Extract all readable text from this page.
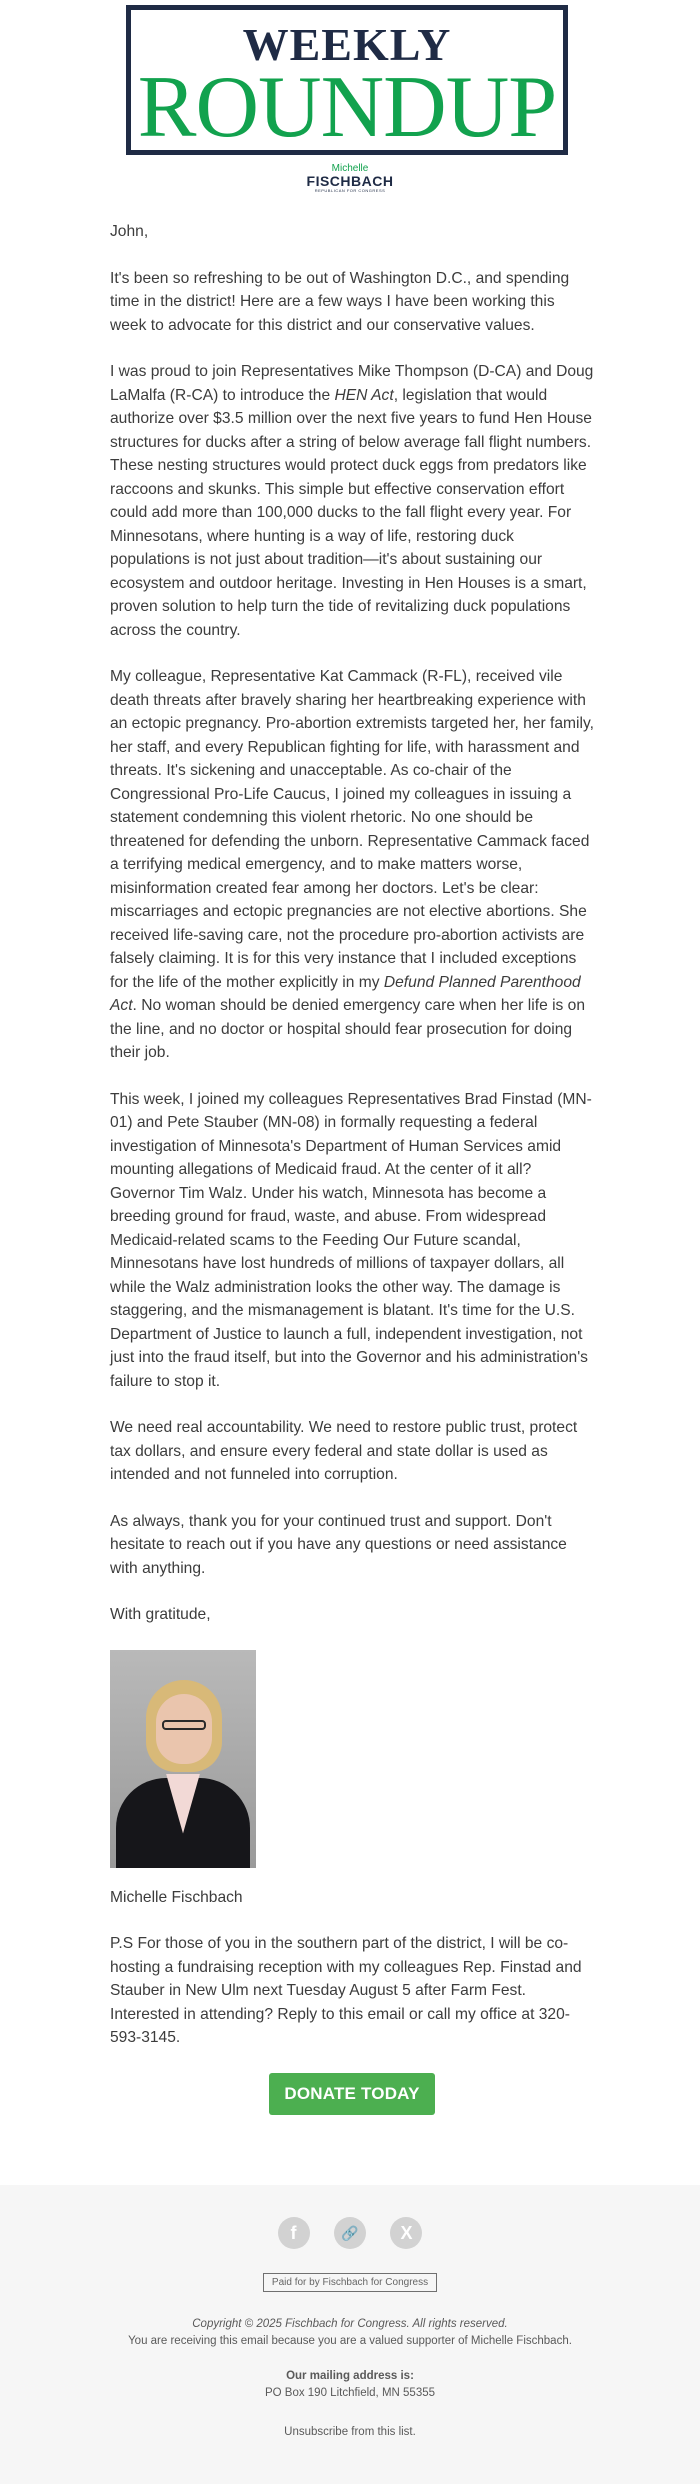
WEEKLY
ROUNDUP
Michelle
FISCHBACH
REPUBLICAN FOR CONGRESS

John,

It's been so refreshing to be out of Washington D.C., and spending time in the district! Here are a few ways I have been working this week to advocate for this district and our conservative values.

I was proud to join Representatives Mike Thompson (D-CA) and Doug LaMalfa (R-CA) to introduce the HEN Act, legislation that would authorize over $3.5 million over the next five years to fund Hen House structures for ducks after a string of below average fall flight numbers. These nesting structures would protect duck eggs from predators like raccoons and skunks. This simple but effective conservation effort could add more than 100,000 ducks to the fall flight every year. For Minnesotans, where hunting is a way of life, restoring duck populations is not just about tradition—it's about sustaining our ecosystem and outdoor heritage. Investing in Hen Houses is a smart, proven solution to help turn the tide of revitalizing duck populations across the country.

My colleague, Representative Kat Cammack (R-FL), received vile death threats after bravely sharing her heartbreaking experience with an ectopic pregnancy. Pro-abortion extremists targeted her, her family, her staff, and every Republican fighting for life, with harassment and threats. It's sickening and unacceptable. As co-chair of the Congressional Pro-Life Caucus, I joined my colleagues in issuing a statement condemning this violent rhetoric. No one should be threatened for defending the unborn. Representative Cammack faced a terrifying medical emergency, and to make matters worse, misinformation created fear among her doctors. Let's be clear: miscarriages and ectopic pregnancies are not elective abortions. She received life-saving care, not the procedure pro-abortion activists are falsely claiming. It is for this very instance that I included exceptions for the life of the mother explicitly in my Defund Planned Parenthood Act. No woman should be denied emergency care when her life is on the line, and no doctor or hospital should fear prosecution for doing their job.

This week, I joined my colleagues Representatives Brad Finstad (MN-01) and Pete Stauber (MN-08) in formally requesting a federal investigation of Minnesota's Department of Human Services amid mounting allegations of Medicaid fraud. At the center of it all? Governor Tim Walz. Under his watch, Minnesota has become a breeding ground for fraud, waste, and abuse. From widespread Medicaid-related scams to the Feeding Our Future scandal, Minnesotans have lost hundreds of millions of taxpayer dollars, all while the Walz administration looks the other way. The damage is staggering, and the mismanagement is blatant. It's time for the U.S. Department of Justice to launch a full, independent investigation, not just into the fraud itself, but into the Governor and his administration's failure to stop it.

We need real accountability. We need to restore public trust, protect tax dollars, and ensure every federal and state dollar is used as intended and not funneled into corruption.

As always, thank you for your continued trust and support. Don't hesitate to reach out if you have any questions or need assistance with anything.

With gratitude,

Michelle Fischbach

P.S For those of you in the southern part of the district, I will be co-hosting a fundraising reception with my colleagues Rep. Finstad and Stauber in New Ulm next Tuesday August 5 after Farm Fest. Interested in attending? Reply to this email or call my office at 320-593-3145.

DONATE TODAY
f	🔗 X
Paid for by Fischbach for Congress
Copyright © 2025 Fischbach for Congress. All rights reserved.
You are receiving this email because you are a valued supporter of Michelle Fischbach.
Our mailing address is:
PO Box 190 Litchfield, MN 55355
Unsubscribe from this list.
